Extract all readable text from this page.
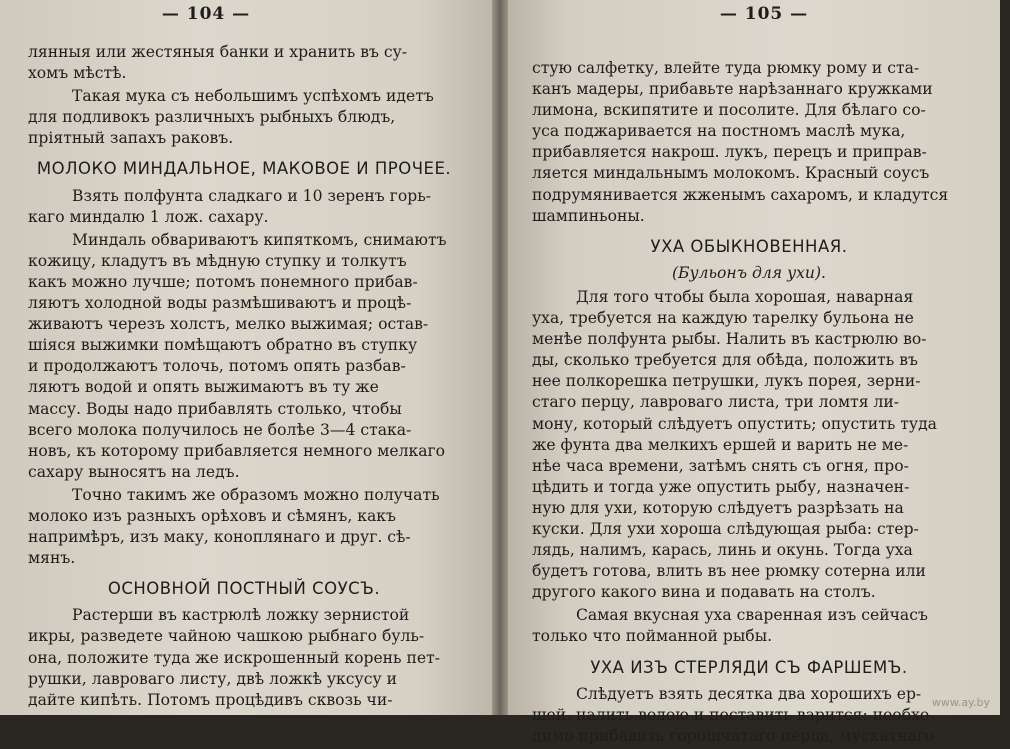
— 104 —
лянныя или жестяныя банки и хранить въ су-
хомъ мѣстѣ.
Такая мука съ небольшимъ успѣхомъ идетъ
для подливокъ различныхъ рыбныхъ блюдъ,
пріятный запахъ раковъ.
МОЛОКО МИНДАЛЬНОЕ, МАКОВОЕ И ПРОЧЕЕ.
Взять полфунта сладкаго и 10 зеренъ горь-
каго миндалю 1 лож. сахару.
Миндаль обвариваютъ кипяткомъ, снимаютъ
кожицу, кладутъ въ мѣдную ступку и толкутъ
какъ можно лучше; потомъ понемного прибав-
ляютъ холодной воды размѣшиваютъ и процѣ-
живаютъ черезъ холстъ, мелко выжимая; остав-
шіяся выжимки помѣщаютъ обратно въ ступку
и продолжаютъ толочь, потомъ опять разбав-
ляютъ водой и опять выжимаютъ въ ту же
массу. Воды надо прибавлять столько, чтобы
всего молока получилось не болѣе 3—4 стака-
новъ, къ которому прибавляется немного мелкаго
сахару выносятъ на ледъ.
Точно такимъ же образомъ можно получать
молоко изъ разныхъ орѣховъ и сѣмянъ, какъ
напримѣръ, изъ маку, коноплянаго и друг. сѣ-
мянъ.
ОСНОВНОЙ ПОСТНЫЙ СОУСЪ.
Растерши въ кастрюлѣ ложку зернистой
икры, разведете чайною чашкою рыбнаго буль-
она, положите туда же искрошенный корень пет-
рушки, лавроваго листу, двѣ ложкѣ уксусу и
дайте кипѣть. Потомъ процѣдивъ сквозь чи-
— 105 —
стую салфетку, влейте туда рюмку рому и ста-
канъ мадеры, прибавьте нарѣзаннаго кружками
лимона, вскипятите и посолите. Для бѣлаго со-
уса поджаривается на постномъ маслѣ мука,
прибавляется накрош. лукъ, перецъ и приправ-
ляется миндальнымъ молокомъ. Красный соусъ
подрумянивается жженымъ сахаромъ, и кладутся
шампиньоны.
УХА ОБЫКНОВЕННАЯ.
(Бульонъ для ухи).
Для того чтобы была хорошая, наварная
уха, требуется на каждую тарелку бульона не
менѣе полфунта рыбы. Налить въ кастрюлю во-
ды, сколько требуется для обѣда, положить въ
нее полкорешка петрушки, лукъ порея, зерни-
стаго перцу, лавроваго листа, три ломтя ли-
мону, который слѣдуетъ опустить; опустить туда
же фунта два мелкихъ ершей и варить не ме-
нѣе часа времени, затѣмъ снять съ огня, про-
цѣдить и тогда уже опустить рыбу, назначен-
ную для ухи, которую слѣдуетъ разрѣзать на
куски. Для ухи хороша слѣдующая рыба: стер-
лядь, налимъ, карась, линь и окунь. Тогда уха
будетъ готова, влить въ нее рюмку сотерна или
другого какого вина и подавать на столъ.
Самая вкусная уха сваренная изъ сейчасъ
только что пойманной рыбы.
УХА ИЗЪ СТЕРЛЯДИ СЪ ФАРШЕМЪ.
Слѣдуетъ взять десятка два хорошихъ ер-
шей, налить водою и поставить варится; необхо-
димо прибавить горошчатаго перца, мускатнаго
www.ay.by
